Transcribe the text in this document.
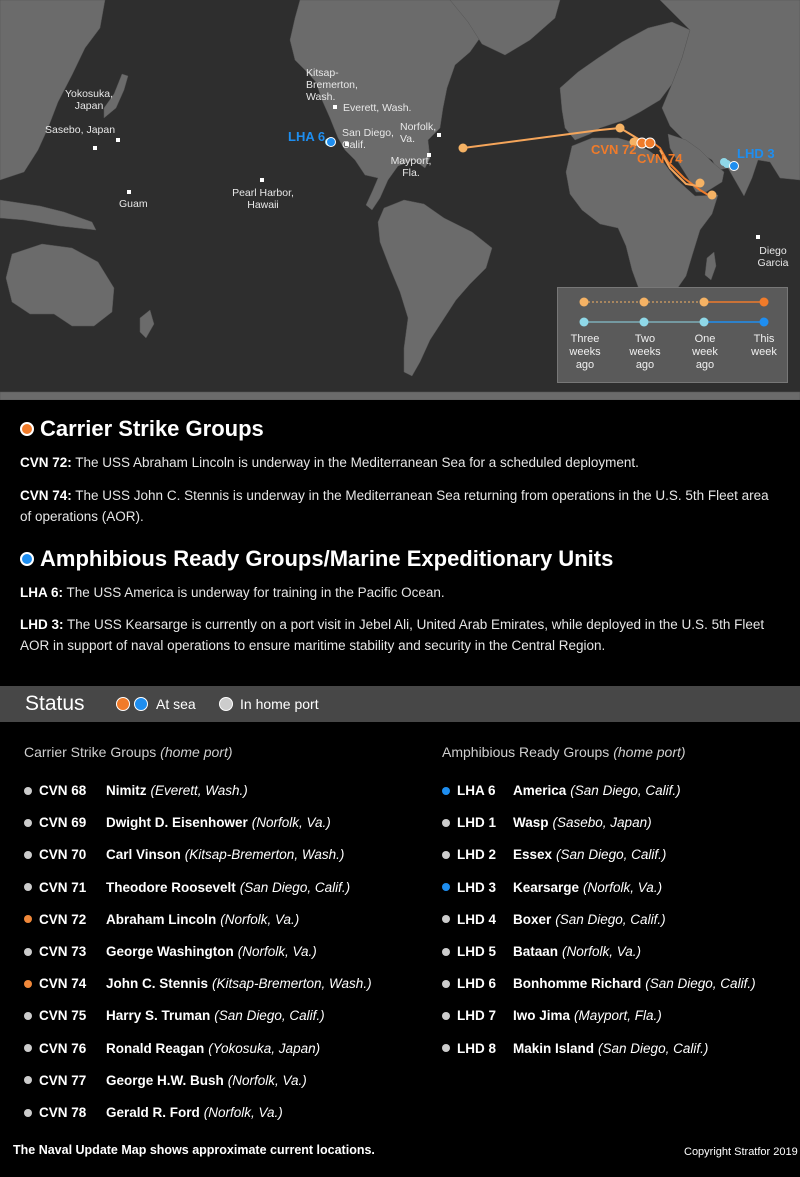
Kitsap-
Bremerton,
Wash.
Everett, Wash.
Yokosuka,
Japan
Sasebo, Japan	San Diego,
Calif.
Norfolk,
Va.
Mayport,
Fla.
Guam
Pearl Harbor,
Hawaii
Diego
Garcia
LHA 6
CVN 72
CVN 74	LHD 3
Three
weeks
ago
Two
weeks
ago
One
week
ago
This
week
Carrier Strike Groups
CVN 72: The USS Abraham Lincoln is underway in the Mediterranean Sea for a scheduled deployment.
CVN 74: The USS John C. Stennis is underway in the Mediterranean Sea returning from operations in the U.S. 5th Fleet area of operations (AOR).
Amphibious Ready Groups/Marine Expeditionary Units
LHA 6: The USS America is underway for training in the Pacific Ocean.
LHD 3: The USS Kearsarge is currently on a port visit in Jebel Ali, United Arab Emirates, while deployed in the U.S. 5th Fleet AOR in support of naval operations to ensure maritime stability and security in the Central Region.
Status	At sea	In home port
Carrier Strike Groups (home port)	Amphibious Ready Groups (home port)
CVN 68	Nimitz (Everett, Wash.)
CVN 69	Dwight D. Eisenhower (Norfolk, Va.)
CVN 70	Carl Vinson (Kitsap-Bremerton, Wash.)
CVN 71	Theodore Roosevelt (San Diego, Calif.)
CVN 72	Abraham Lincoln (Norfolk, Va.)
CVN 73	George Washington (Norfolk, Va.)
CVN 74	John C. Stennis (Kitsap-Bremerton, Wash.)
CVN 75	Harry S. Truman (San Diego, Calif.)
CVN 76	Ronald Reagan (Yokosuka, Japan)
CVN 77	George H.W. Bush (Norfolk, Va.)
CVN 78	Gerald R. Ford (Norfolk, Va.)
LHA 6	America (San Diego, Calif.)
LHD 1	Wasp (Sasebo, Japan)
LHD 2	Essex (San Diego, Calif.)
LHD 3	Kearsarge (Norfolk, Va.)
LHD 4	Boxer (San Diego, Calif.)
LHD 5	Bataan (Norfolk, Va.)
LHD 6	Bonhomme Richard (San Diego, Calif.)
LHD 7	Iwo Jima (Mayport, Fla.)
LHD 8	Makin Island (San Diego, Calif.)
The Naval Update Map shows approximate current locations.	Copyright Stratfor 2019
